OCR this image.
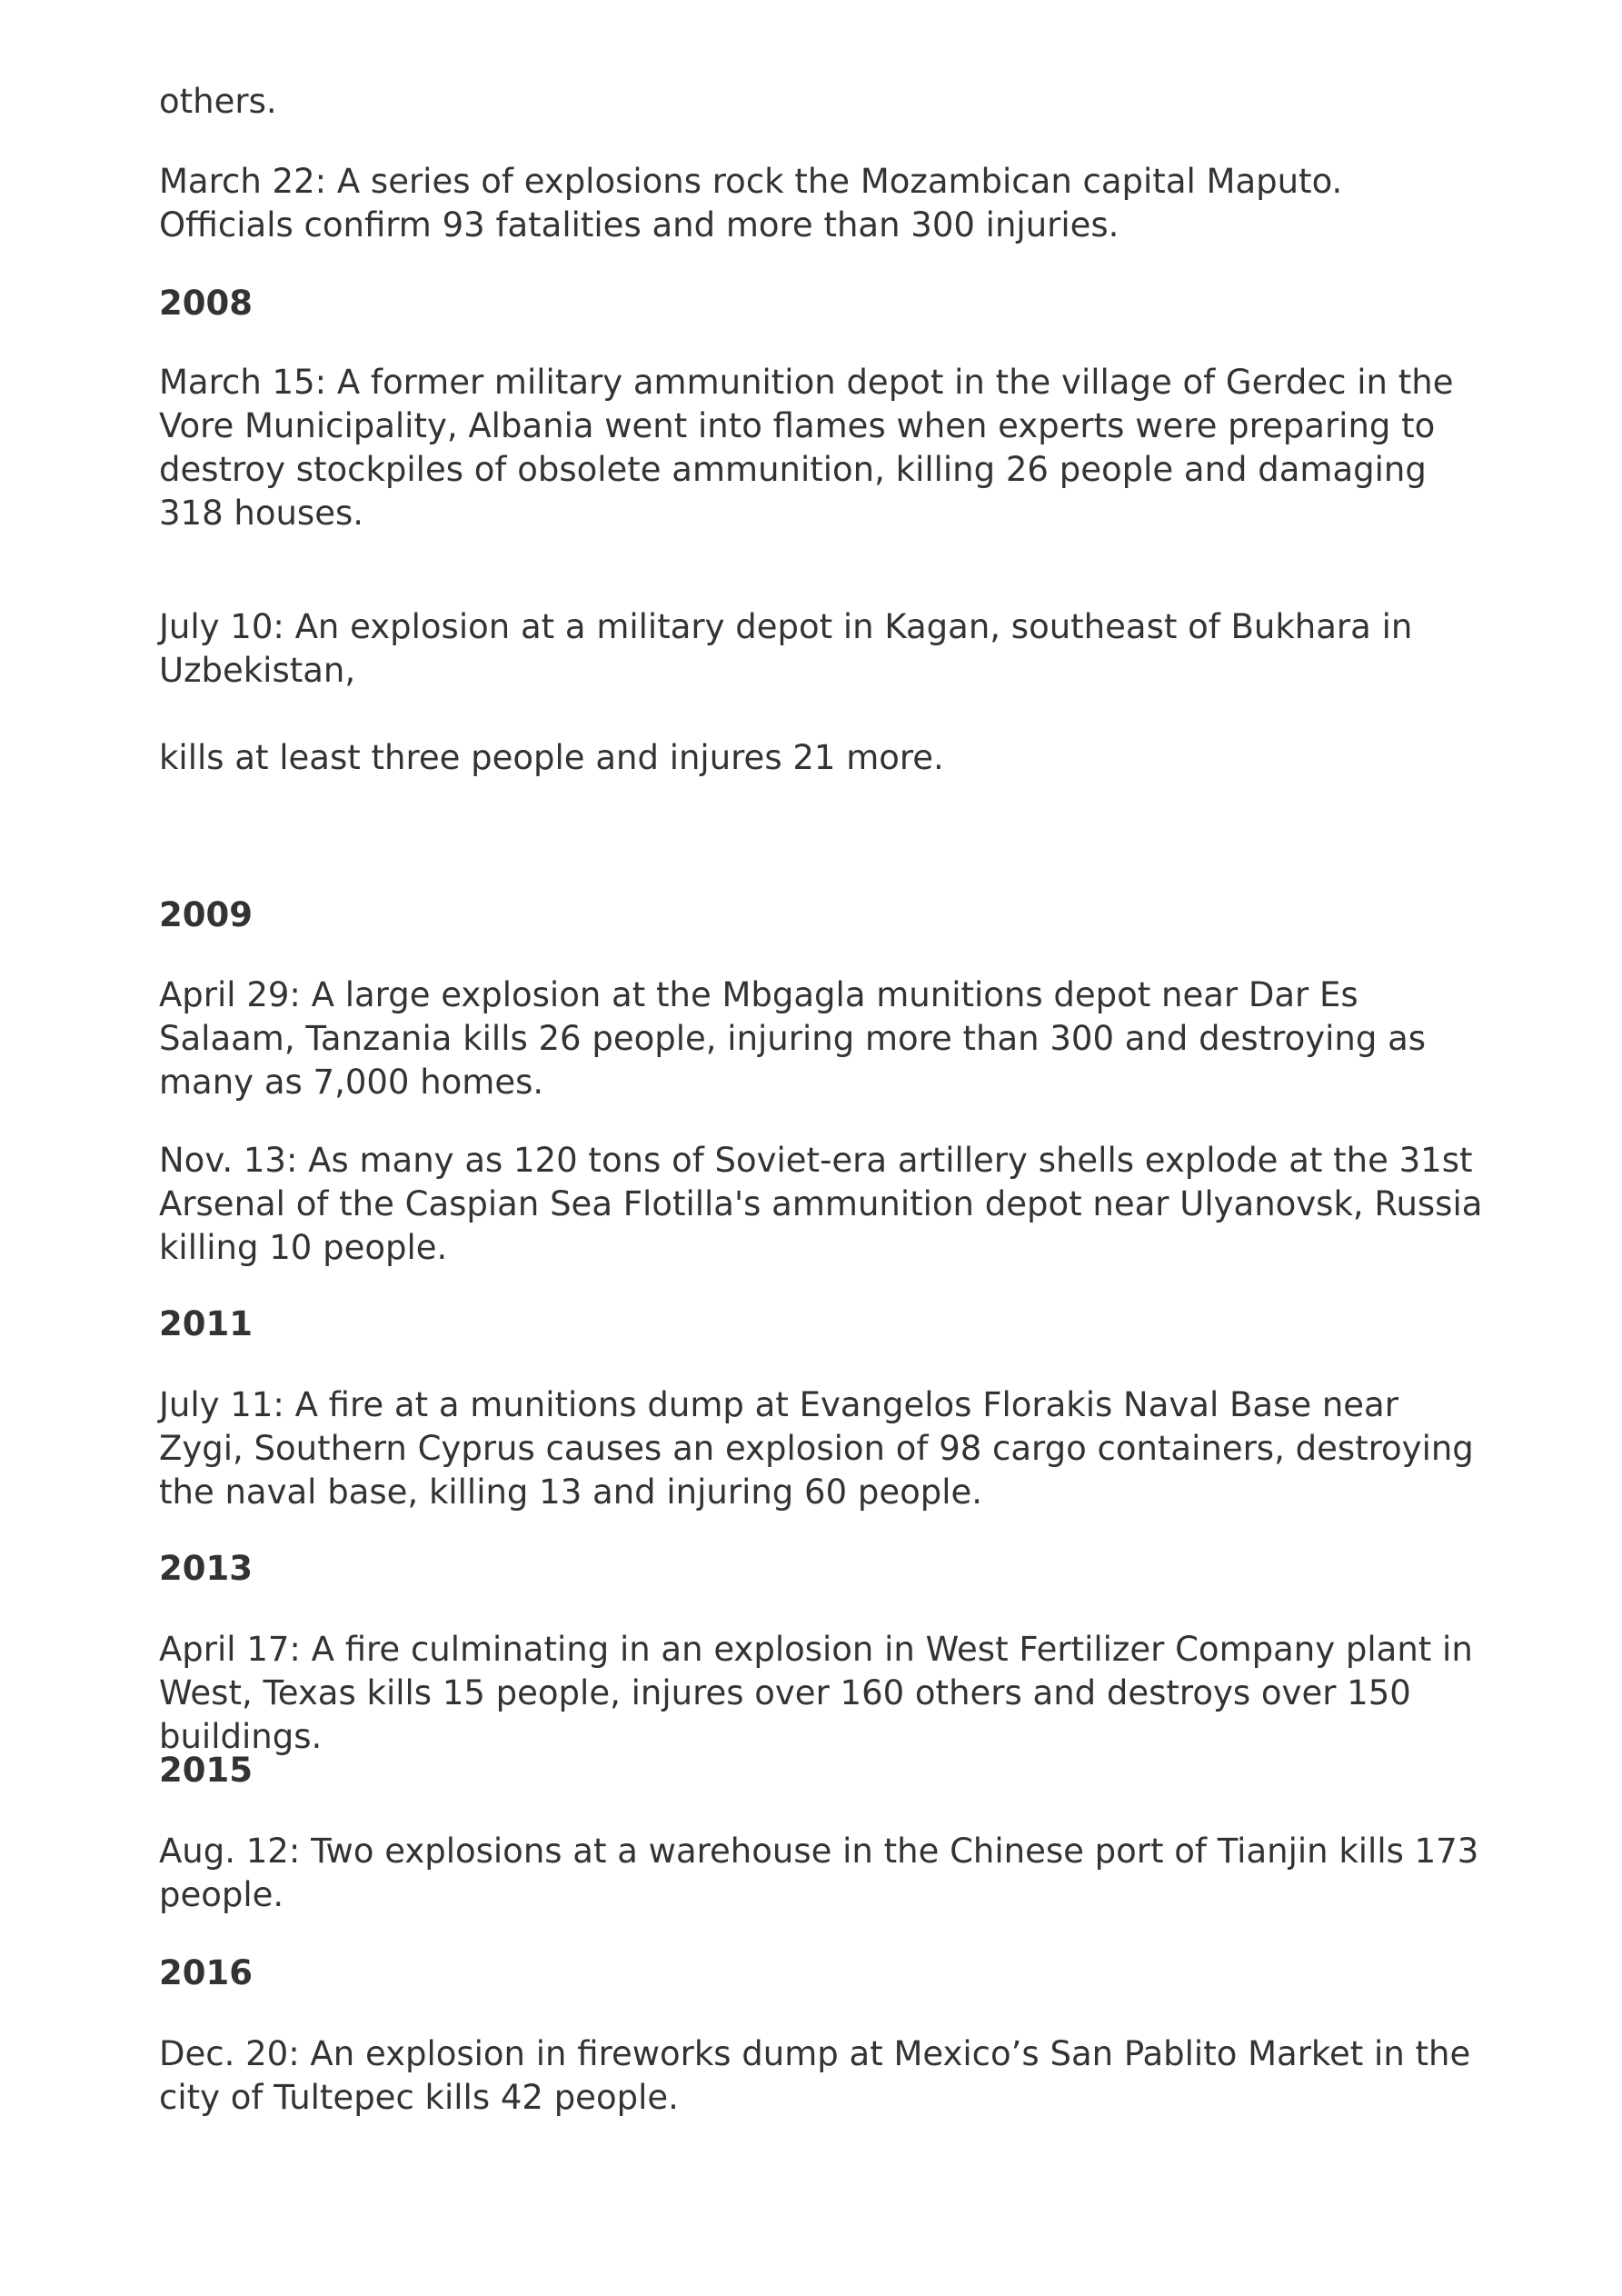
others.

March 22: A series of explosions rock the Mozambican capital Maputo. Officials confirm 93 fatalities and more than 300 injuries.

2008

March 15: A former military ammunition depot in the village of Gerdec in the Vore Municipality, Albania went into flames when experts were preparing to destroy stockpiles of obsolete ammunition, killing 26 people and damaging 318 houses.

July 10: An explosion at a military depot in Kagan, southeast of Bukhara in Uzbekistan,

kills at least three people and injures 21 more.

2009

April 29: A large explosion at the Mbgagla munitions depot near Dar Es Salaam, Tanzania kills 26 people, injuring more than 300 and destroying as many as 7,000 homes.

Nov. 13: As many as 120 tons of Soviet-era artillery shells explode at the 31st Arsenal of the Caspian Sea Flotilla's ammunition depot near Ulyanovsk, Russia killing 10 people.

2011

July 11: A fire at a munitions dump at Evangelos Florakis Naval Base near Zygi, Southern Cyprus causes an explosion of 98 cargo containers, destroying the naval base, killing 13 and injuring 60 people.

2013

April 17: A fire culminating in an explosion in West Fertilizer Company plant in West, Texas kills 15 people, injures over 160 others and destroys over 150 buildings.

2015

Aug. 12: Two explosions at a warehouse in the Chinese port of Tianjin kills 173 people.

2016

Dec. 20: An explosion in fireworks dump at Mexico’s San Pablito Market in the city of Tultepec kills 42 people.
